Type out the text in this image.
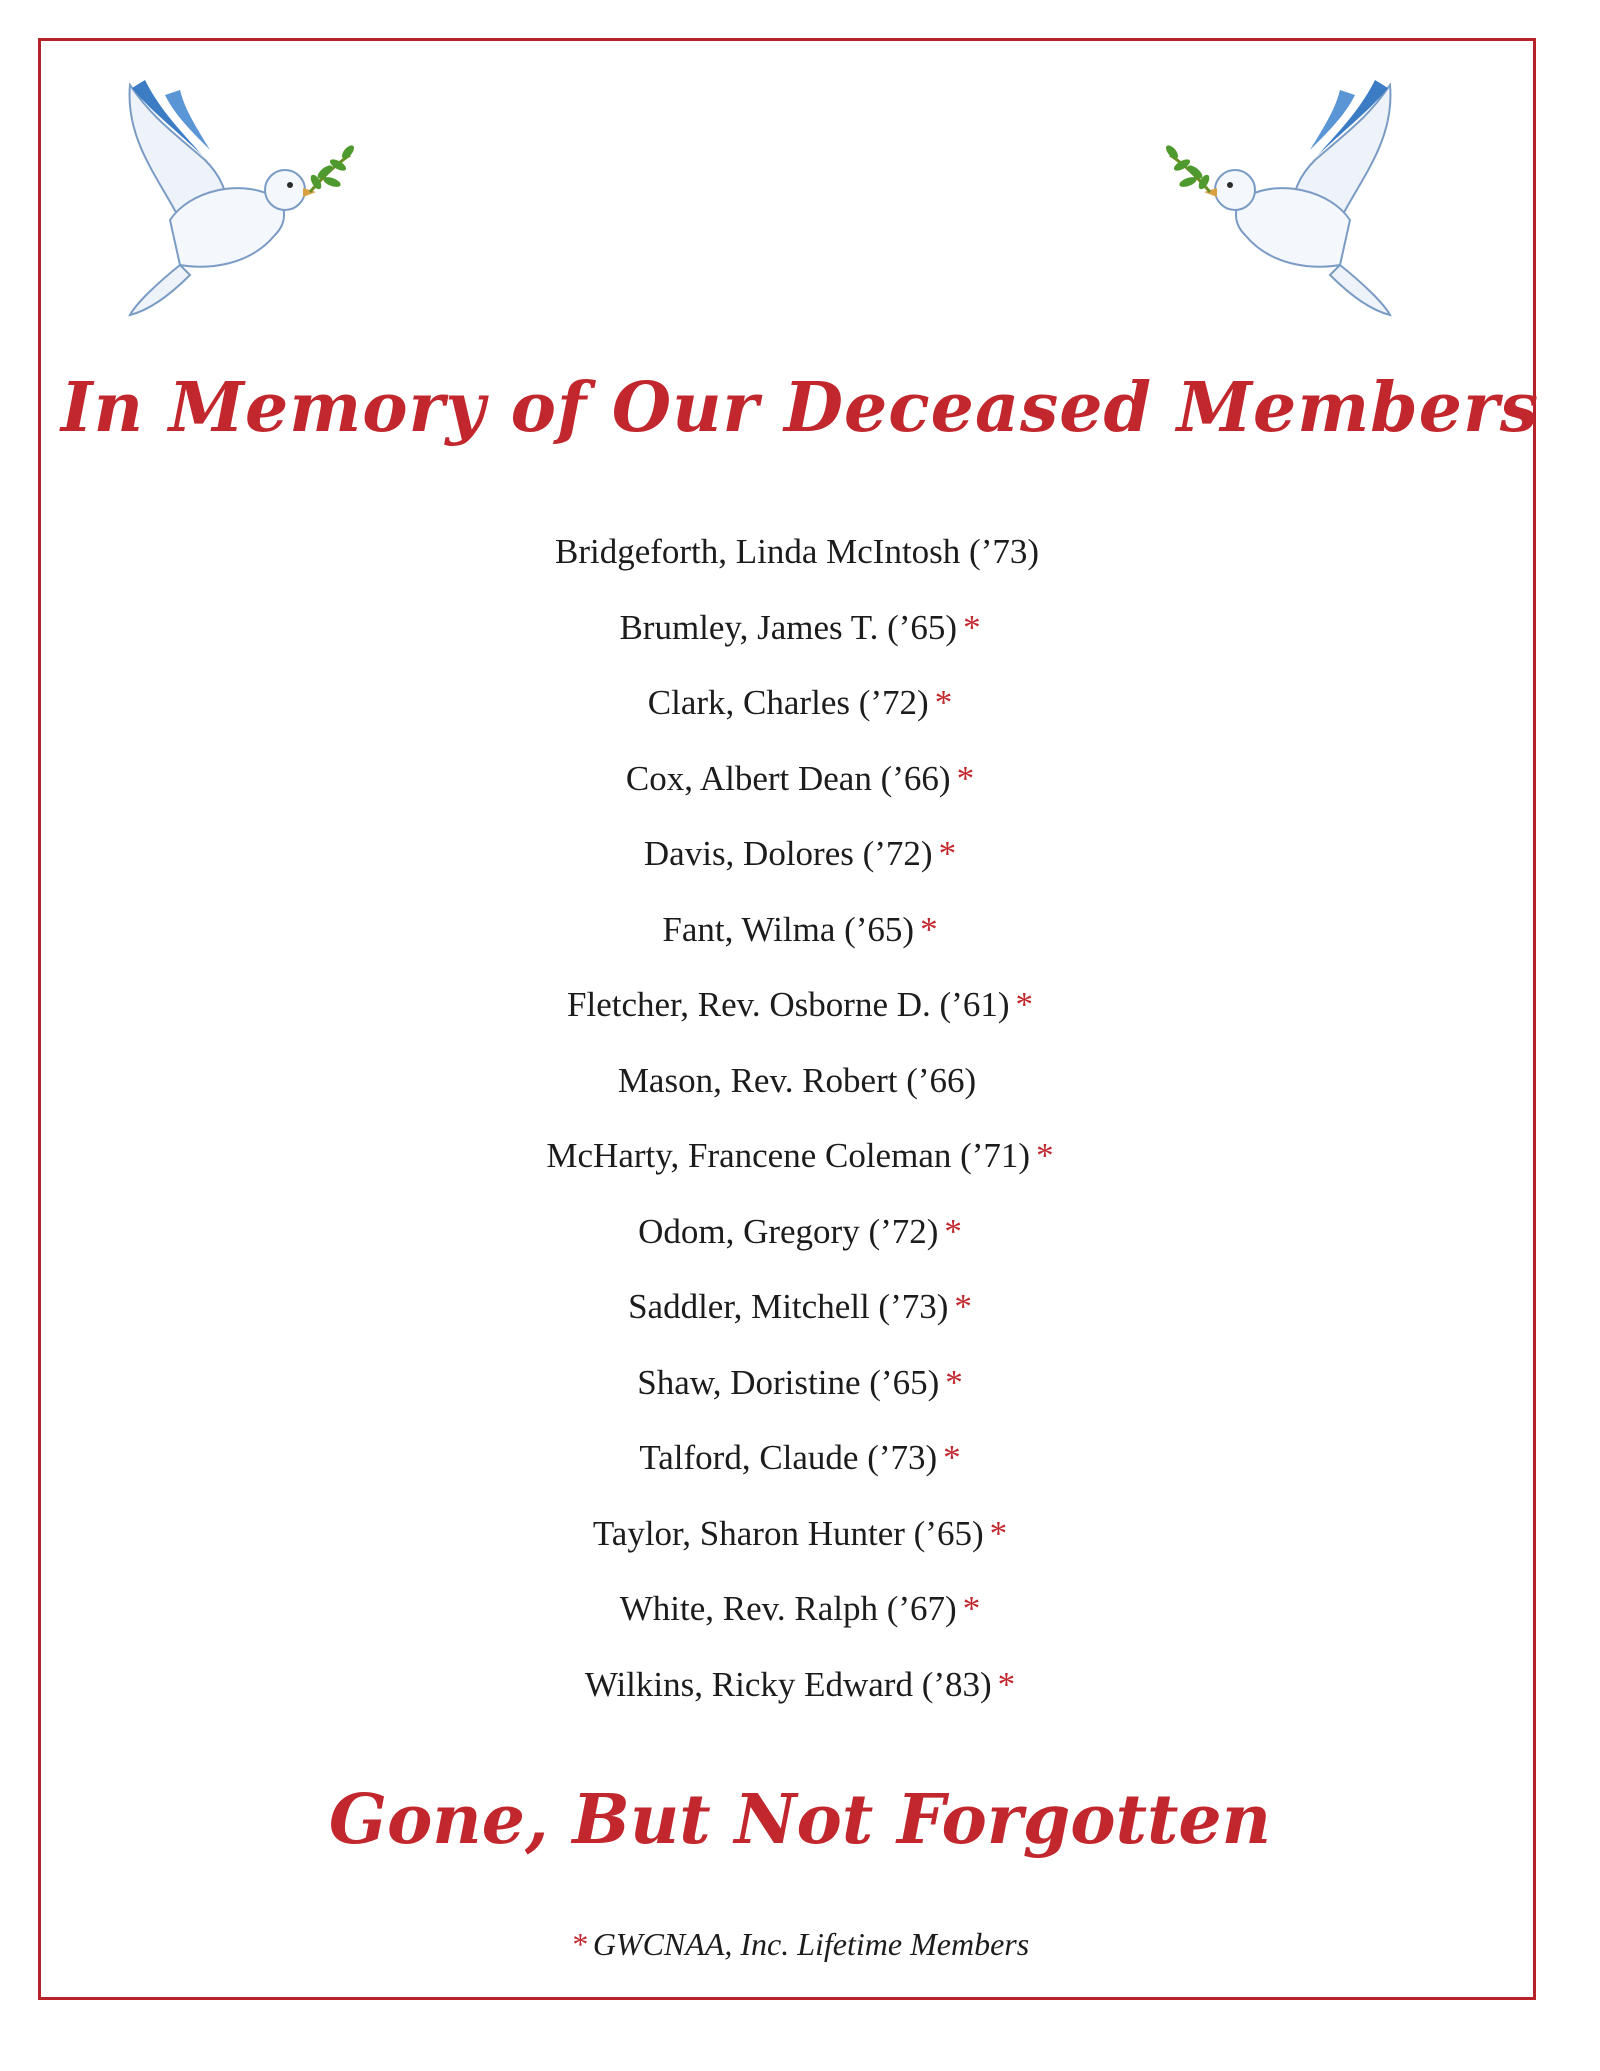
In Memory of Our Deceased Members
Bridgeforth, Linda McIntosh (’73)
Brumley, James T. (’65) *
Clark, Charles (’72) *
Cox, Albert Dean (’66) *
Davis, Dolores (’72) *
Fant, Wilma (’65) *
Fletcher, Rev. Osborne D. (’61) *
Mason, Rev. Robert (’66)
McHarty, Francene Coleman (’71) *
Odom, Gregory (’72) *
Saddler, Mitchell (’73) *
Shaw, Doristine (’65) *
Talford, Claude (’73) *
Taylor, Sharon Hunter (’65) *
White, Rev. Ralph (’67) *
Wilkins, Ricky Edward (’83) *
Gone, But Not Forgotten
* GWCNAA, Inc. Lifetime Members
